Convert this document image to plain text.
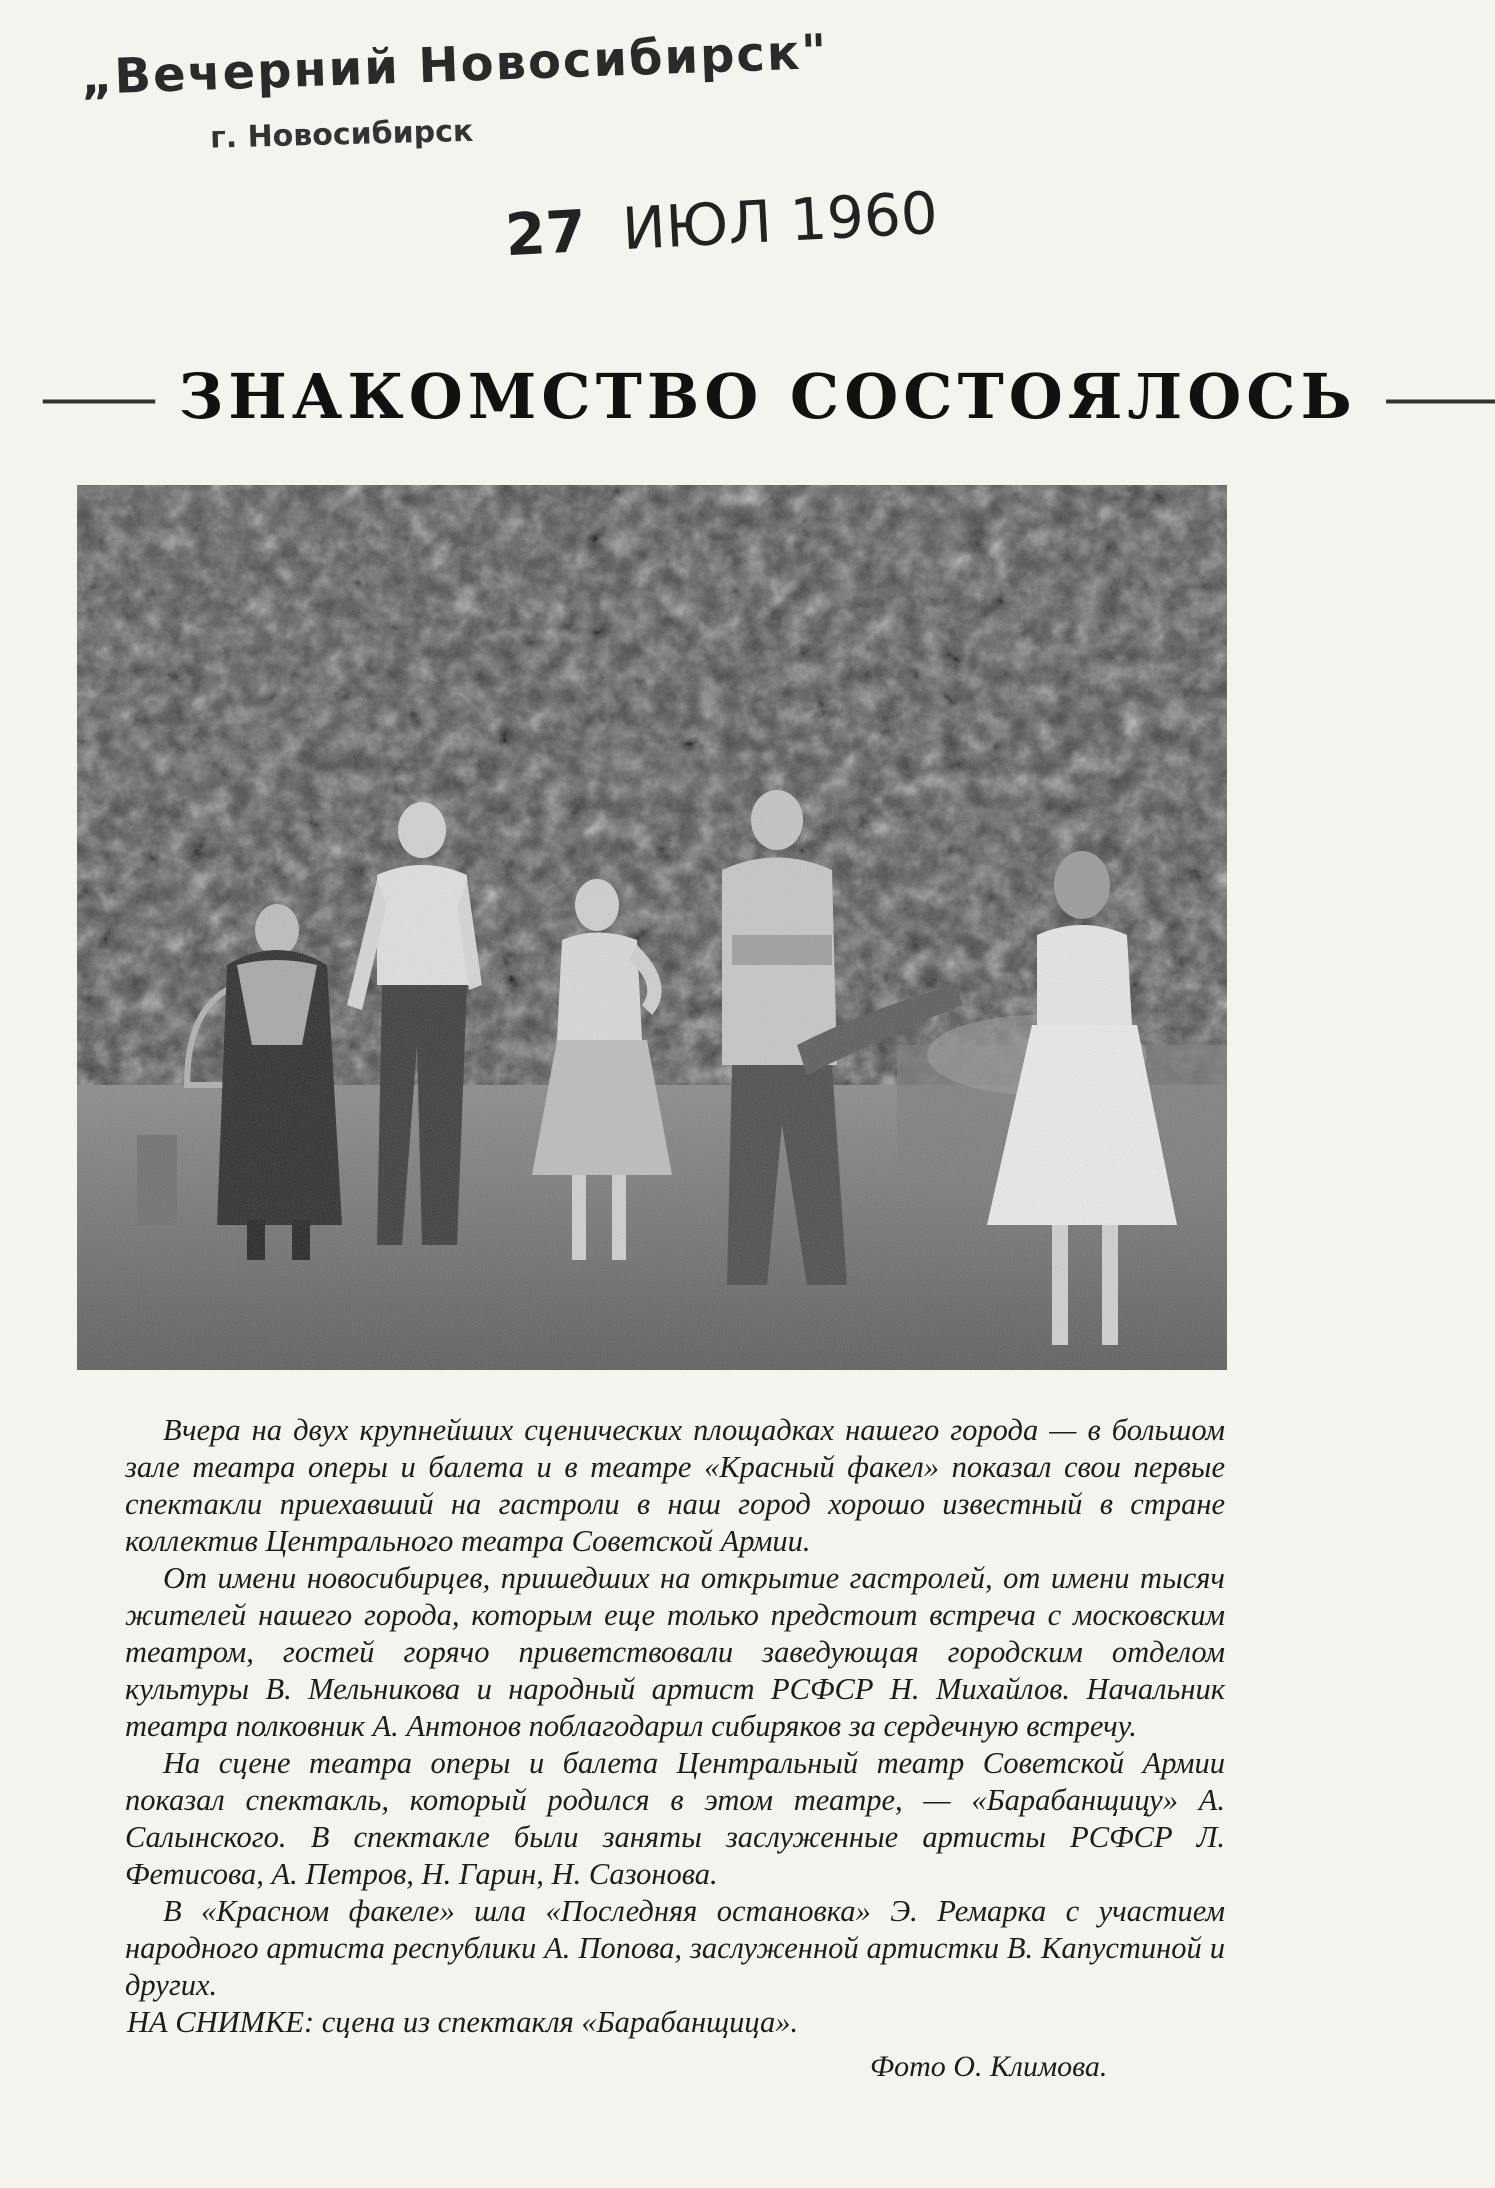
„Вечерний Новосибирск"
г. Новосибирск
27 ИЮЛ 1960
—— ЗНАКОМСТВО СОСТОЯЛОСЬ ——

Вчера на двух крупнейших сценических площадках нашего города — в большом зале театра оперы и балета и в театре «Красный факел» показал свои первые спектакли приехавший на гастроли в наш город хорошо известный в стране коллектив Центрального театра Советской Армии.

От имени новосибирцев, пришедших на открытие гастролей, от имени тысяч жителей нашего города, которым еще только предстоит встреча с московским театром, гостей горячо приветствовали заведующая городским отделом культуры В. Мельникова и народный артист РСФСР Н. Михайлов. Начальник театра полковник А. Антонов поблагодарил сибиряков за сердечную встречу.

На сцене театра оперы и балета Центральный театр Советской Армии показал спектакль, который родился в этом театре, — «Барабанщицу» А. Салынского. В спектакле были заняты заслуженные артисты РСФСР Л. Фетисова, А. Петров, Н. Гарин, Н. Сазонова.

В «Красном факеле» шла «Последняя остановка» Э. Ремарка с участием народного артиста республики А. Попова, заслуженной артистки В. Капустиной и других.

НА СНИМКЕ: сцена из спектакля «Барабанщица».

Фото О. Климова.
